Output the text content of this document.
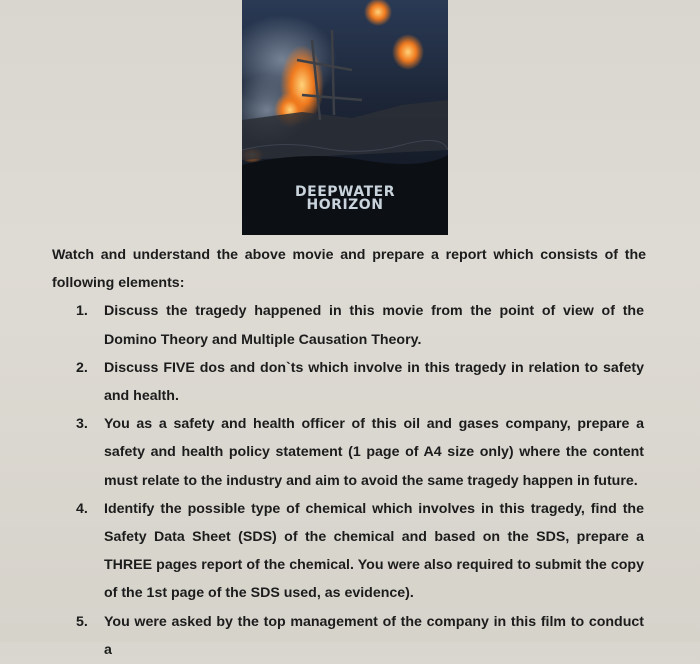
DEEPWATER
HORIZON

Watch and understand the above movie and prepare a report which consists of the following elements:

1. Discuss the tragedy happened in this movie from the point of view of the Domino Theory and Multiple Causation Theory.
2. Discuss FIVE dos and don`ts which involve in this tragedy in relation to safety and health.
3. You as a safety and health officer of this oil and gases company, prepare a safety and health policy statement (1 page of A4 size only) where the content must relate to the industry and aim to avoid the same tragedy happen in future.
4. Identify the possible type of chemical which involves in this tragedy, find the Safety Data Sheet (SDS) of the chemical and based on the SDS, prepare a THREE pages report of the chemical. You were also required to submit the copy of the 1st page of the SDS used, as evidence).
5. You were asked by the top management of the company in this film to conduct a
